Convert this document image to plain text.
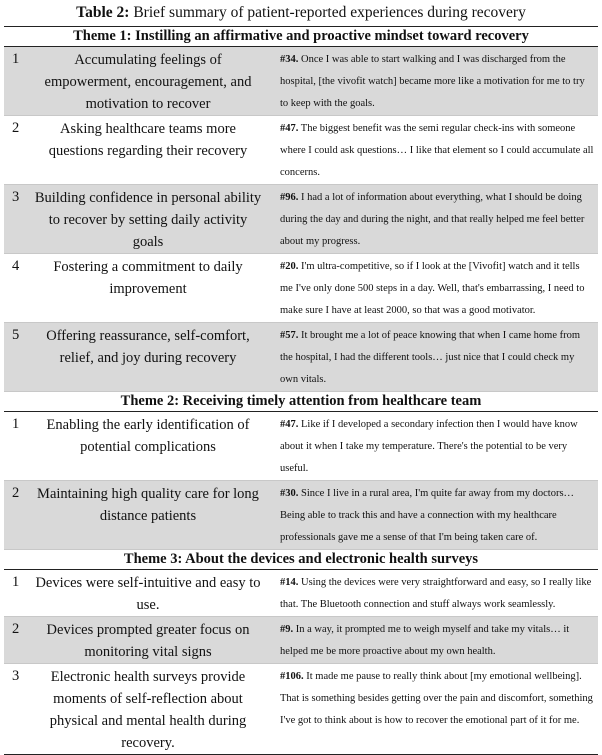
Table 2: Brief summary of patient-reported experiences during recovery
Theme 1: Instilling an affirmative and proactive mindset toward recovery		
1	Accumulating feelings of empowerment, encouragement, and motivation to recover	#34. Once I was able to start walking and I was discharged from the hospital, [the vivofit watch] became more like a motivation for me to try to keep with the goals.
2	Asking healthcare teams more questions regarding their recovery	#47. The biggest benefit was the semi regular check-ins with someone where I could ask questions… I like that element so I could accumulate all concerns.
3	Building confidence in personal ability to recover by setting daily activity goals	#96. I had a lot of information about everything, what I should be doing during the day and during the night, and that really helped me feel better about my progress.
4	Fostering a commitment to daily improvement	#20. I'm ultra-competitive, so if I look at the [Vivofit] watch and it tells me I've only done 500 steps in a day. Well, that's embarrassing, I need to make sure I have at least 2000, so that was a good motivator.
5	Offering reassurance, self-comfort, relief, and joy during recovery	#57. It brought me a lot of peace knowing that when I came home from the hospital, I had the different tools… just nice that I could check my own vitals.
Theme 2: Receiving timely attention from healthcare team		
1	Enabling the early identification of potential complications	#47. Like if I developed a secondary infection then I would have know about it when I take my temperature. There's the potential to be very useful.
2	Maintaining high quality care for long distance patients	#30. Since I live in a rural area, I'm quite far away from my doctors… Being able to track this and have a connection with my healthcare professionals gave me a sense of that I'm being taken care of.
Theme 3: About the devices and electronic health surveys		
1	Devices were self-intuitive and easy to use.	#14. Using the devices were very straightforward and easy, so I really like that. The Bluetooth connection and stuff always work seamlessly.
2	Devices prompted greater focus on monitoring vital signs	#9. In a way, it prompted me to weigh myself and take my vitals… it helped me be more proactive about my own health.
3	Electronic health surveys provide moments of self-reflection about physical and mental health during recovery.	#106. It made me pause to really think about [my emotional wellbeing]. That is something besides getting over the pain and discomfort, something I've got to think about is how to recover the emotional part of it for me.
